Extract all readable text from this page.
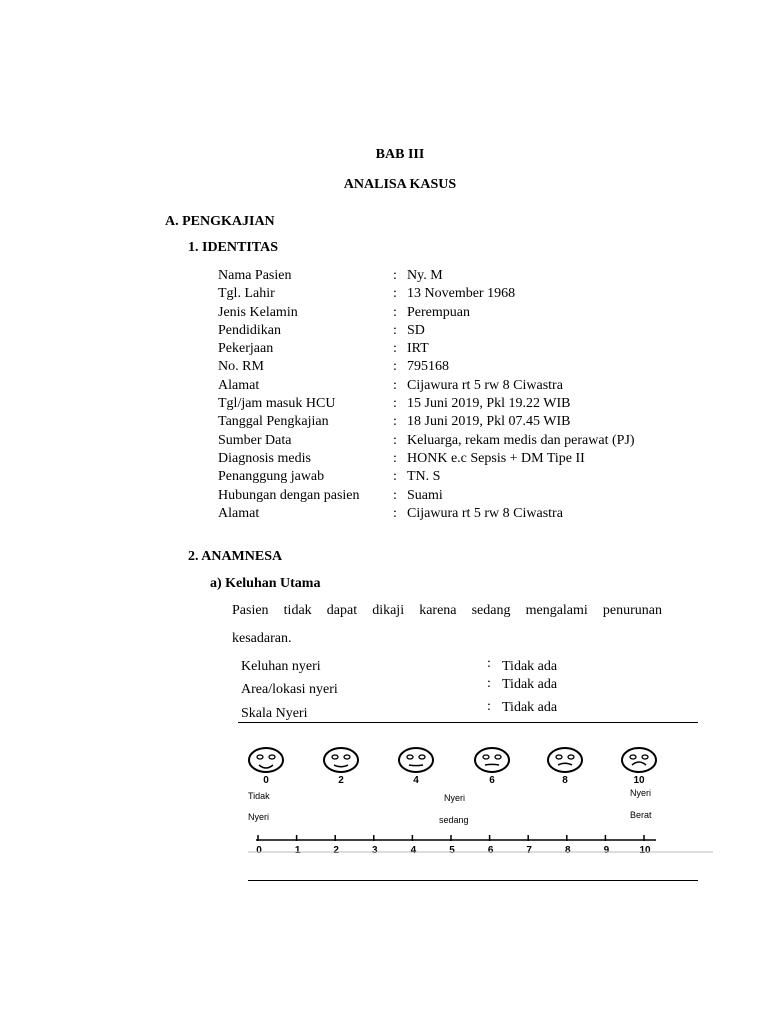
BAB III
ANALISA KASUS
A. PENGKAJIAN
1. IDENTITAS
Nama Pasien	: Ny. M
Tgl. Lahir	: 13 November 1968
Jenis Kelamin	: Perempuan
Pendidikan	: SD
Pekerjaan	: IRT
No. RM	: 795168
Alamat	: Cijawura rt 5 rw 8 Ciwastra
Tgl/jam masuk HCU	: 15 Juni 2019, Pkl 19.22 WIB
Tanggal Pengkajian	: 18 Juni 2019, Pkl 07.45 WIB
Sumber Data	: Keluarga, rekam medis dan perawat (PJ)
Diagnosis medis	: HONK e.c Sepsis + DM Tipe II
Penanggung jawab	: TN. S
Hubungan dengan pasien : Suami
Alamat	: Cijawura rt 5 rw 8 Ciwastra
2. ANAMNESA
a) Keluhan Utama
Pasien tidak dapat dikaji karena sedang mengalami penurunan
kesadaran.
Keluhan nyeri	: Tidak ada
Area/lokasi nyeri	: Tidak ada
Skala Nyeri	: Tidak ada
0	2	4	6	8	10
0	1	2	3	4	5	6	7	8	9	10
Tidak
Nyeri
Nyeri
sedang
Nyeri
Berat
